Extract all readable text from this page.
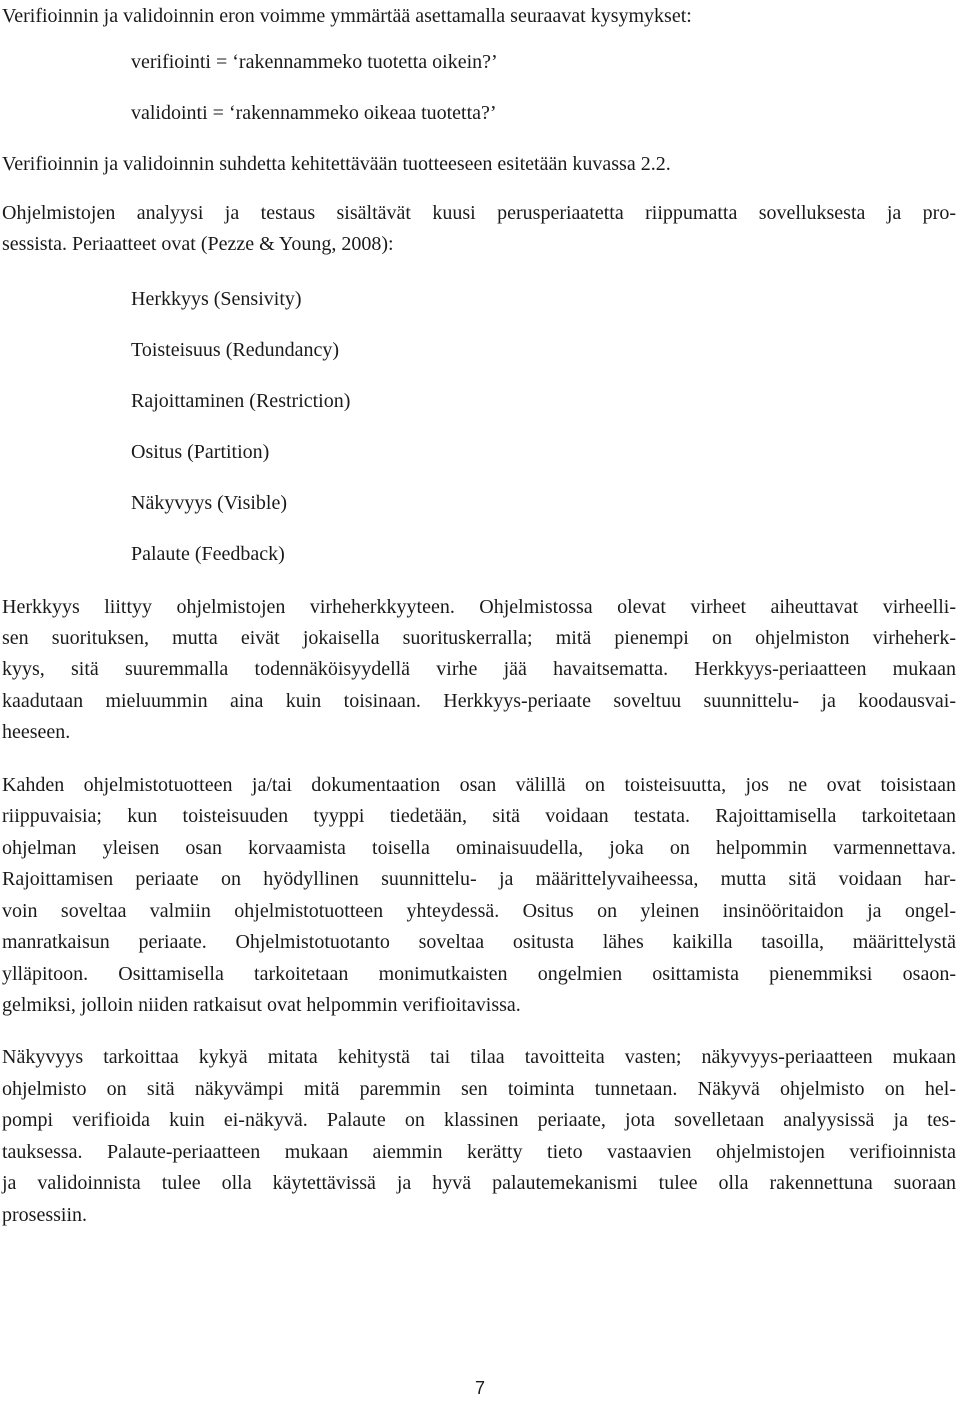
Verifioinnin ja validoinnin eron voimme ymmärtää asettamalla seuraavat kysymykset:
verifiointi = ‘rakennammeko tuotetta oikein?’
validointi = ‘rakennammeko oikeaa tuotetta?’
Verifioinnin ja validoinnin suhdetta kehitettävään tuotteeseen esitetään kuvassa 2.2.
Ohjelmistojen analyysi ja testaus sisältävät kuusi perusperiaatetta riippumatta sovelluksesta ja pro-
sessista. Periaatteet ovat (Pezze & Young, 2008):
Herkkyys (Sensivity)
Toisteisuus (Redundancy)
Rajoittaminen (Restriction)
Ositus (Partition)
Näkyvyys (Visible)
Palaute (Feedback)
Herkkyys liittyy ohjelmistojen virheherkkyyteen. Ohjelmistossa olevat virheet aiheuttavat virheelli-
sen suorituksen, mutta eivät jokaisella suorituskerralla; mitä pienempi on ohjelmiston virheherk-
kyys, sitä suuremmalla todennäköisyydellä virhe jää havaitsematta. Herkkyys-periaatteen mukaan
kaadutaan mieluummin aina kuin toisinaan. Herkkyys-periaate soveltuu suunnittelu- ja koodausvai-
heeseen.
Kahden ohjelmistotuotteen ja/tai dokumentaation osan välillä on toisteisuutta, jos ne ovat toisistaan
riippuvaisia; kun toisteisuuden tyyppi tiedetään, sitä voidaan testata. Rajoittamisella tarkoitetaan
ohjelman yleisen osan korvaamista toisella ominaisuudella, joka on helpommin varmennettava.
Rajoittamisen periaate on hyödyllinen suunnittelu- ja määrittelyvaiheessa, mutta sitä voidaan har-
voin soveltaa valmiin ohjelmistotuotteen yhteydessä. Ositus on yleinen insinööritaidon ja ongel-
manratkaisun periaate. Ohjelmistotuotanto soveltaa ositusta lähes kaikilla tasoilla, määrittelystä
ylläpitoon. Osittamisella tarkoitetaan monimutkaisten ongelmien osittamista pienemmiksi osaon-
gelmiksi, jolloin niiden ratkaisut ovat helpommin verifioitavissa.
Näkyvyys tarkoittaa kykyä mitata kehitystä tai tilaa tavoitteita vasten; näkyvyys-periaatteen mukaan
ohjelmisto on sitä näkyvämpi mitä paremmin sen toiminta tunnetaan. Näkyvä ohjelmisto on hel-
pompi verifioida kuin ei-näkyvä. Palaute on klassinen periaate, jota sovelletaan analyysissä ja tes-
tauksessa. Palaute-periaatteen mukaan aiemmin kerätty tieto vastaavien ohjelmistojen verifioinnista
ja validoinnista tulee olla käytettävissä ja hyvä palautemekanismi tulee olla rakennettuna suoraan
prosessiin.
7
